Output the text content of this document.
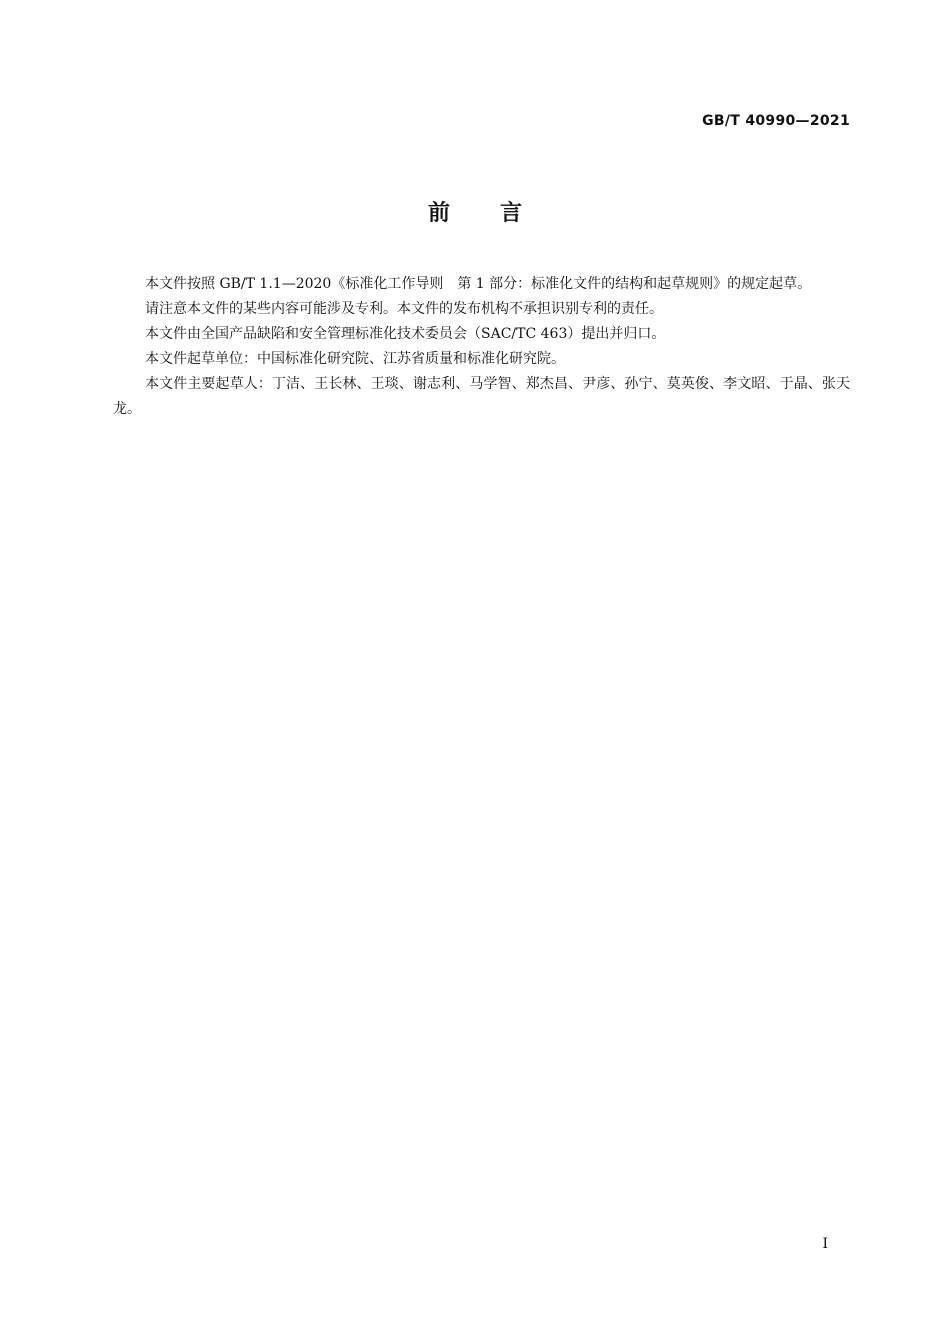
GB/T 40990—2021
前言

本文件按照 GB/T 1.1—2020《标准化工作导则　第 1 部分：标准化文件的结构和起草规则》的规定起草。

请注意本文件的某些内容可能涉及专利。本文件的发布机构不承担识别专利的责任。

本文件由全国产品缺陷和安全管理标准化技术委员会（SAC/TC 463）提出并归口。

本文件起草单位：中国标准化研究院、江苏省质量和标准化研究院。

本文件主要起草人：丁洁、王长林、王琰、谢志利、马学智、郑杰昌、尹彦、孙宁、莫英俊、李文昭、于晶、张天龙。

I
